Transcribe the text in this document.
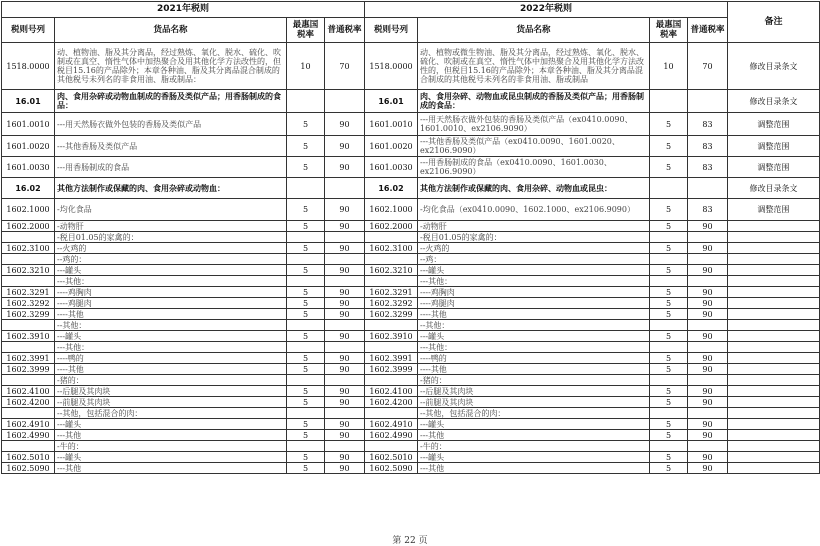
2021年税则				2022年税则				备注
税则号列	货品名称	最惠国税率	普通税率	税则号列	货品名称	最惠国税率	普通税率	
1518.0000	动、植物油、脂及其分离品，经过熟炼、氧化、脱水、硫化、吹制或在真空、惰性气体中加热聚合及用其他化学方法改性的，但税目15.16的产品除外；本章各种油、脂及其分离品混合制成的其他税号未列名的非食用油、脂或制品：	10	70	1518.0000	动、植物或微生物油、脂及其分离品，经过熟炼、氧化、脱水、硫化、吹制或在真空、惰性气体中加热聚合及用其他化学方法改性的，但税目15.16的产品除外；本章各种油、脂及其分离品混合制成的其他税号未列名的非食用油、脂或制品	10	70	修改目录条文
16.01	肉、食用杂碎或动物血制成的香肠及类似产品；用香肠制成的食品：			16.01	肉、食用杂碎、动物血或昆虫制成的香肠及类似产品；用香肠制成的食品：			修改目录条文
1601.0010	---用天然肠衣做外包装的香肠及类似产品	5	90	1601.0010	---用天然肠衣做外包装的香肠及类似产品（ex0410.0090、1601.0010、ex2106.9090）	5	83	调整范围
1601.0020	---其他香肠及类似产品	5	90	1601.0020	---其他香肠及类似产品（ex0410.0090、1601.0020、ex2106.9090）	5	83	调整范围
1601.0030	---用香肠制成的食品	5	90	1601.0030	---用香肠制成的食品（ex0410.0090、1601.0030、ex2106.9090）	5	83	调整范围
16.02	其他方法制作或保藏的肉、食用杂碎或动物血：			16.02	其他方法制作或保藏的肉、食用杂碎、动物血或昆虫：			修改目录条文
1602.1000	-均化食品	5	90	1602.1000	-均化食品（ex0410.0090、1602.1000、ex2106.9090）	5	83	调整范围
1602.2000	-动物肝	5	90	1602.2000	-动物肝	5	90	
	-税目01.05的家禽的：				-税目01.05的家禽的：			
1602.3100	--火鸡的	5	90	1602.3100	--火鸡的	5	90	
	--鸡的：				--鸡：			
1602.3210	---罐头	5	90	1602.3210	---罐头	5	90	
	---其他：				---其他：			
1602.3291	----鸡胸肉	5	90	1602.3291	----鸡胸肉	5	90	
1602.3292	----鸡腿肉	5	90	1602.3292	----鸡腿肉	5	90	
1602.3299	----其他	5	90	1602.3299	----其他	5	90	
	--其他：				--其他：			
1602.3910	---罐头	5	90	1602.3910	---罐头	5	90	
	---其他：				---其他：			
1602.3991	----鸭的	5	90	1602.3991	----鸭的	5	90	
1602.3999	----其他	5	90	1602.3999	----其他	5	90	
	-猪的：				-猪的：			
1602.4100	--后腿及其肉块	5	90	1602.4100	--后腿及其肉块	5	90	
1602.4200	--前腿及其肉块	5	90	1602.4200	--前腿及其肉块	5	90	
	--其他，包括混合的肉：				--其他，包括混合的肉：			
1602.4910	---罐头	5	90	1602.4910	---罐头	5	90	
1602.4990	---其他	5	90	1602.4990	---其他	5	90	
	-牛的：				-牛的：			
1602.5010	---罐头	5	90	1602.5010	---罐头	5	90	
1602.5090	---其他	5	90	1602.5090	---其他	5	90	
第 22 页
